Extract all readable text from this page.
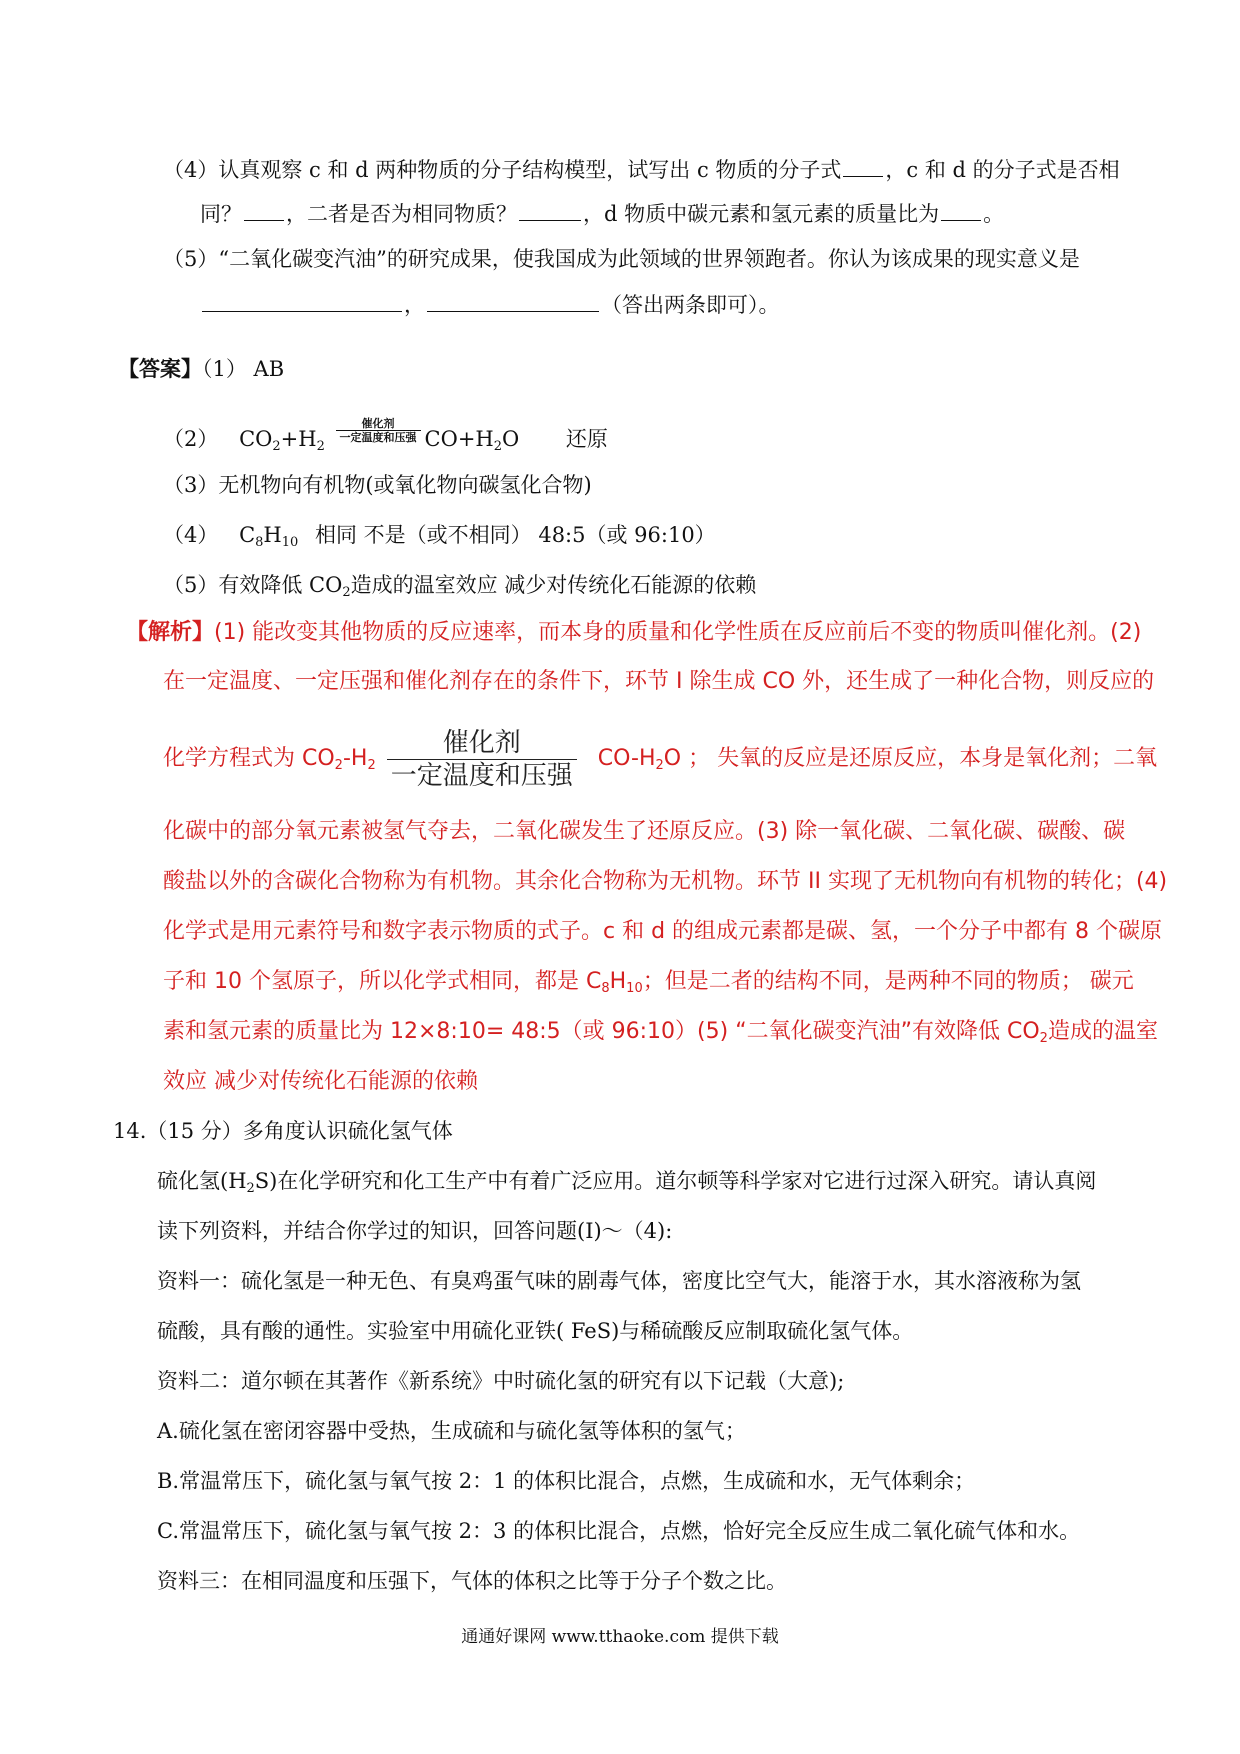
（4）认真观察 c 和 d 两种物质的分子结构模型，试写出 c 物质的分子式 ，c 和 d 的分子式是否相
同？ ，二者是否为相同物质？	，d 物质中碳元素和氢元素的质量比为 。
（5）“二氧化碳变汽油”的研究成果，使我国成为此领域的世界领跑者。你认为该成果的现实意义是
，	（答出两条即可）。
【答案】（1） AB
（2） $CO_2+H_2$
$\frac{\text{催化剂}}{\text{一定温度和压强}} CO+H_2O$ 还原
（3）无机物向有机物(或氧化物向碳氢化合物)
（4） $C_8H_{10}$ 相同 不是（或不相同） 48:5（或 96:10）
（5）有效降低 $CO_2$造成的温室效应 减少对传统化石能源的依赖
【解析】(1) 能改变其他物质的反应速率，而本身的质量和化学性质在反应前后不变的物质叫催化剂。(2)
在一定温度、一定压强和催化剂存在的条件下，环节 I 除生成 CO 外，还生成了一种化合物，则反应的
化学方程式为 $CO_2-H_2 \frac{\text{催化剂}}{\text{一定温度和压强}} CO-H_2O$ ； 失氧的反应是还原反应，本身是氧化剂；二氧
化碳中的部分氧元素被氢气夺去，二氧化碳发生了还原反应。(3) 除一氧化碳、二氧化碳、碳酸、碳
酸盐以外的含碳化合物称为有机物。其余化合物称为无机物。环节 II 实现了无机物向有机物的转化；(4)
化学式是用元素符号和数字表示物质的式子。c 和 d 的组成元素都是碳、氢，一个分子中都有 8 个碳原
子和 10 个氢原子，所以化学式相同，都是 $C_8H_{10}$；但是二者的结构不同，是两种不同的物质； 碳元
素和氢元素的质量比为 12×8:10= 48:5（或 96:10）(5) “二氧化碳变汽油”有效降低 $CO_2$造成的温室
效应 减少对传统化石能源的依赖
14.（15 分）多角度认识硫化氢气体
硫化氢$(H_2S)$在化学研究和化工生产中有着广泛应用。道尔顿等科学家对它进行过深入研究。请认真阅
读下列资料，并结合你学过的知识，回答问题(I)～（4):
资料一：硫化氢是一种无色、有臭鸡蛋气味的剧毒气体，密度比空气大，能溶于水，其水溶液称为氢
硫酸，具有酸的通性。实验室中用硫化亚铁( FeS)与稀硫酸反应制取硫化氢气体。
资料二：道尔顿在其著作《新系统》中时硫化氢的研究有以下记载（大意);
A.硫化氢在密闭容器中受热，生成硫和与硫化氢等体积的氢气；
B.常温常压下，硫化氢与氧气按 2：1 的体积比混合，点燃，生成硫和水，无气体剩余；
C.常温常压下，硫化氢与氧气按 2：3 的体积比混合，点燃，恰好完全反应生成二氧化硫气体和水。
资料三：在相同温度和压强下，气体的体积之比等于分子个数之比。
通通好课网 www.tthaoke.com 提供下载
